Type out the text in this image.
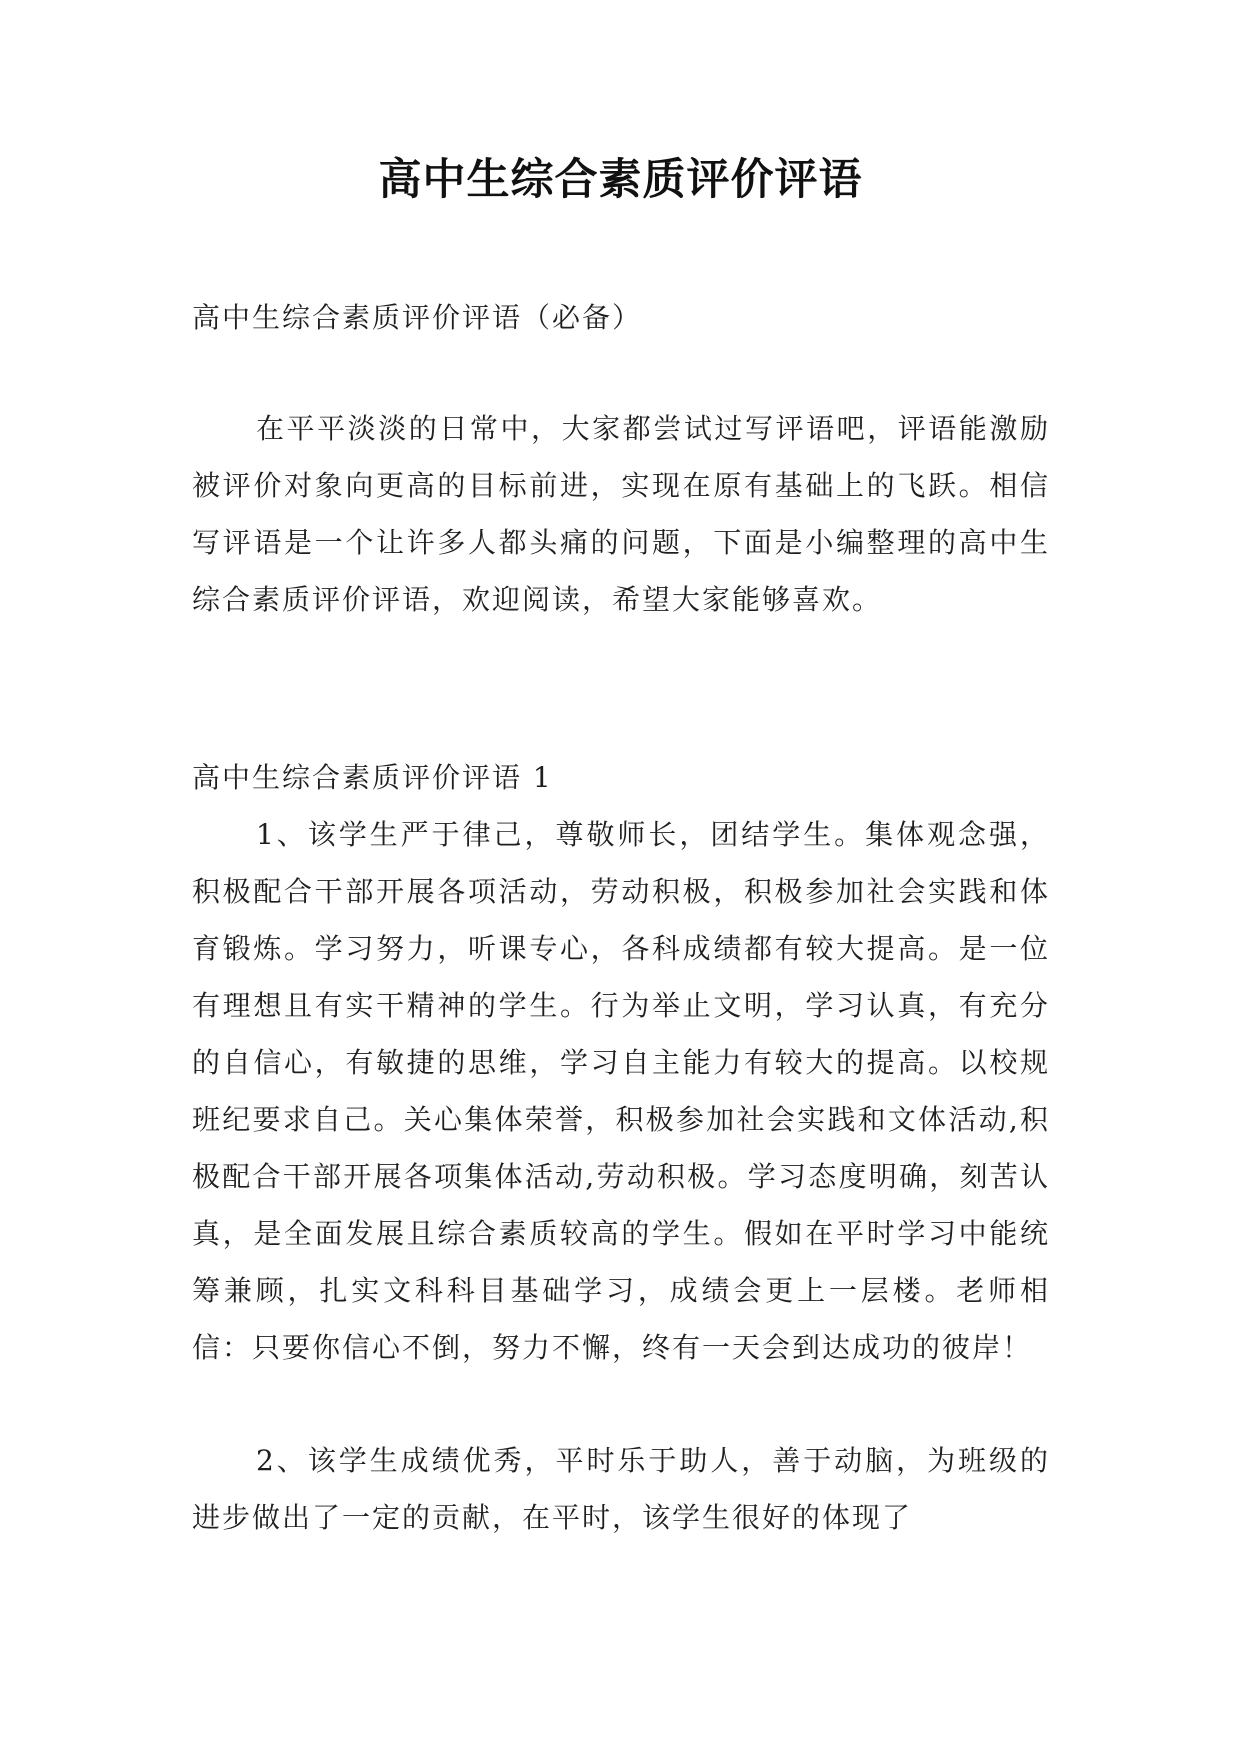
高中生综合素质评价评语

高中生综合素质评价评语（必备）

在平平淡淡的日常中，大家都尝试过写评语吧，评语能激励被评价对象向更高的目标前进，实现在原有基础上的飞跃。相信写评语是一个让许多人都头痛的问题，下面是小编整理的高中生综合素质评价评语，欢迎阅读，希望大家能够喜欢。

高中生综合素质评价评语 1

1、该学生严于律己，尊敬师长，团结学生。集体观念强，积极配合干部开展各项活动，劳动积极，积极参加社会实践和体育锻炼。学习努力，听课专心，各科成绩都有较大提高。是一位有理想且有实干精神的学生。行为举止文明，学习认真，有充分的自信心，有敏捷的思维，学习自主能力有较大的提高。以校规班纪要求自己。关心集体荣誉，积极参加社会实践和文体活动,积极配合干部开展各项集体活动,劳动积极。学习态度明确，刻苦认真，是全面发展且综合素质较高的学生。假如在平时学习中能统筹兼顾，扎实文科科目基础学习，成绩会更上一层楼。老师相信：只要你信心不倒，努力不懈，终有一天会到达成功的彼岸！

2、该学生成绩优秀，平时乐于助人，善于动脑，为班级的进步做出了一定的贡献，在平时，该学生很好的体现了
